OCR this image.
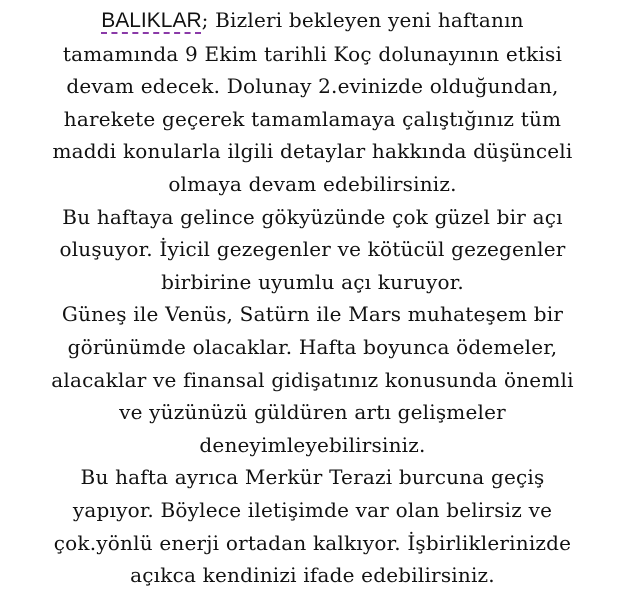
BALIKLAR; Bizleri bekleyen yeni haftanın
tamamında 9 Ekim tarihli Koç dolunayının etkisi
devam edecek. Dolunay 2.evinizde olduğundan,
harekete geçerek tamamlamaya çalıştığınız tüm
maddi konularla ilgili detaylar hakkında düşünceli
olmaya devam edebilirsiniz.
Bu haftaya gelince gökyüzünde çok güzel bir açı
oluşuyor. İyicil gezegenler ve kötücül gezegenler
birbirine uyumlu açı kuruyor.
Güneş ile Venüs, Satürn ile Mars muhateşem bir
görünümde olacaklar. Hafta boyunca ödemeler,
alacaklar ve finansal gidişatınız konusunda önemli
ve yüzünüzü güldüren artı gelişmeler
deneyimleyebilirsiniz.
Bu hafta ayrıca Merkür Terazi burcuna geçiş
yapıyor. Böylece iletişimde var olan belirsiz ve
çok.yönlü enerji ortadan kalkıyor. İşbirliklerinizde
açıkca kendinizi ifade edebilirsiniz.
